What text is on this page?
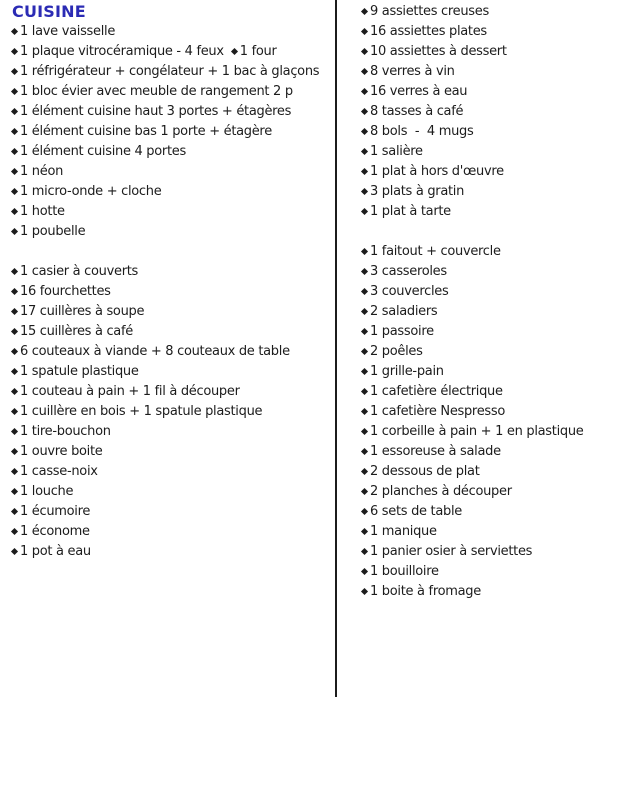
CUISINE
1 lave vaisselle
1 plaque vitrocéramique - 4 feux 1 four
1 réfrigérateur + congélateur + 1 bac à glaçons
1 bloc évier avec meuble de rangement 2 p
1 élément cuisine haut 3 portes + étagères
1 élément cuisine bas 1 porte + étagère
1 élément cuisine 4 portes
1 néon
1 micro-onde + cloche
1 hotte
1 poubelle
1 casier à couverts
16 fourchettes
17 cuillères à soupe
15 cuillères à café
6 couteaux à viande + 8 couteaux de table
1 spatule plastique
1 couteau à pain + 1 fil à découper
1 cuillère en bois + 1 spatule plastique
1 tire-bouchon
1 ouvre boite
1 casse-noix
1 louche
1 écumoire
1 économe
1 pot à eau
9 assiettes creuses
16 assiettes plates
10 assiettes à dessert
8 verres à vin
16 verres à eau
8 tasses à café
8 bols  -  4 mugs
1 salière
1 plat à hors d'œuvre
3 plats à gratin
1 plat à tarte
1 faitout + couvercle
3 casseroles
3 couvercles
2 saladiers
1 passoire
2 poêles
1 grille-pain
1 cafetière électrique
1 cafetière Nespresso
1 corbeille à pain + 1 en plastique
1 essoreuse à salade
2 dessous de plat
2 planches à découper
6 sets de table
1 manique
1 panier osier à serviettes
1 bouilloire
1 boite à fromage
